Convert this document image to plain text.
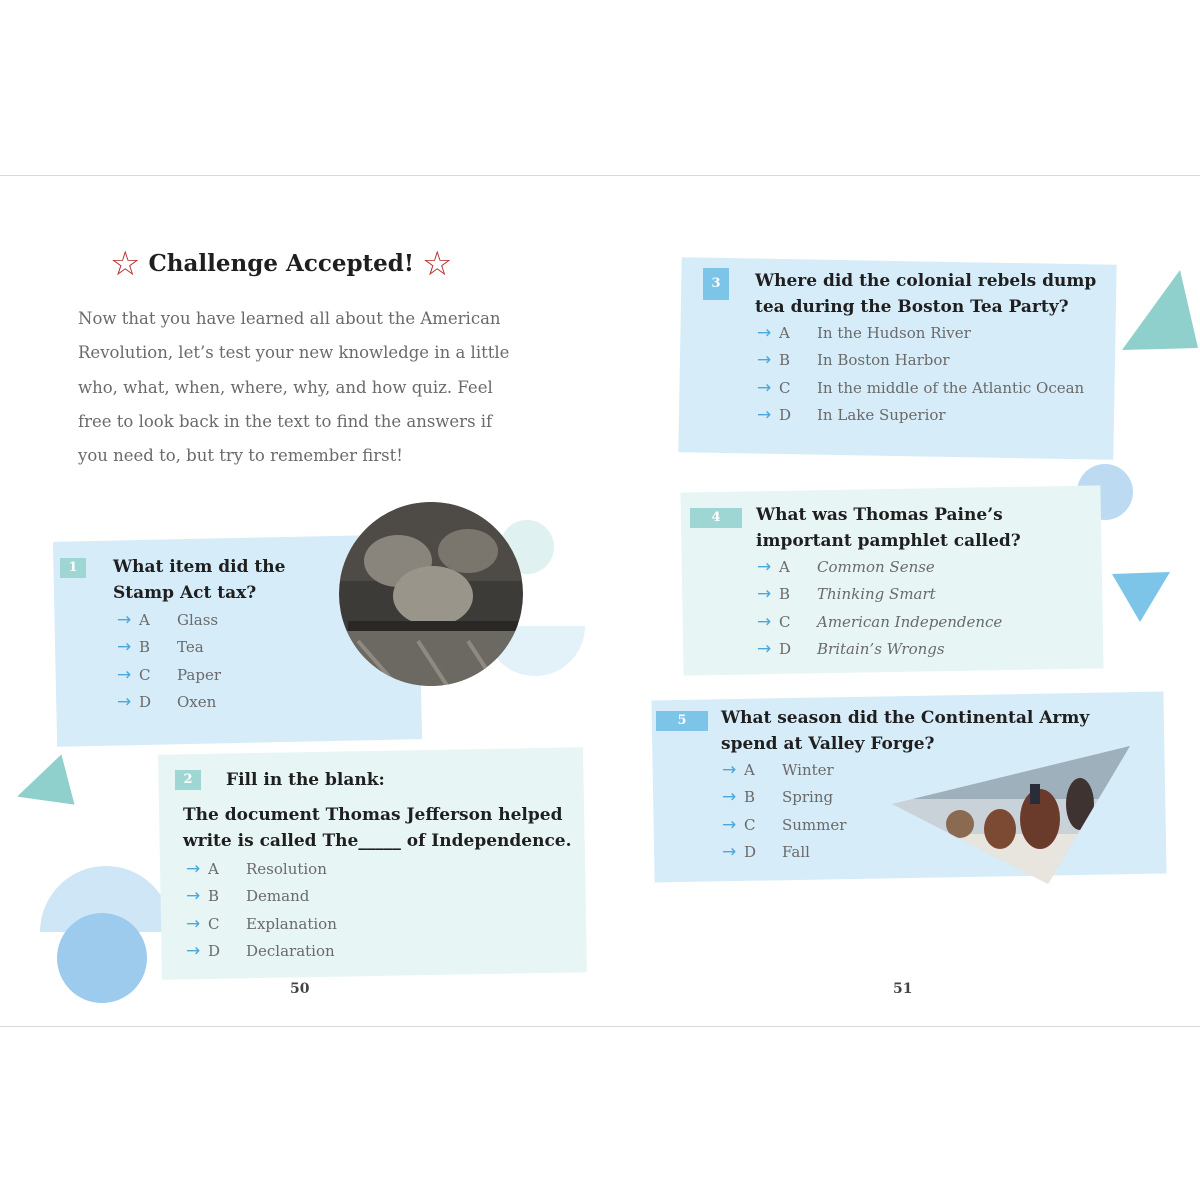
☆ Challenge Accepted! ☆
Now that you have learned all about the American Revolution, let’s test your new knowledge in a little who, what, when, where, why, and how quiz. Feel free to look back in the text to find the answers if you need to, but try to remember first!
1	What item did the Stamp Act tax?
→ A Glass
→ B Tea
→ C Paper
→ D Oxen
2	Fill in the blank:
The document Thomas Jefferson helped write is called The_____ of Independence.
→ A Resolution
→ B Demand
→ C Explanation
→ D Declaration
3	Where did the colonial rebels dump tea during the Boston Tea Party?
→ A In the Hudson River
→ B In Boston Harbor
→ C In the middle of the Atlantic Ocean
→ D In Lake Superior
4	What was Thomas Paine’s important pamphlet called?
→ A Common Sense
→ B Thinking Smart
→ C American Independence
→ D Britain’s Wrongs
5	What season did the Continental Army spend at Valley Forge?
→ A Winter
→ B Spring
→ C Summer
→ D Fall
50	51
